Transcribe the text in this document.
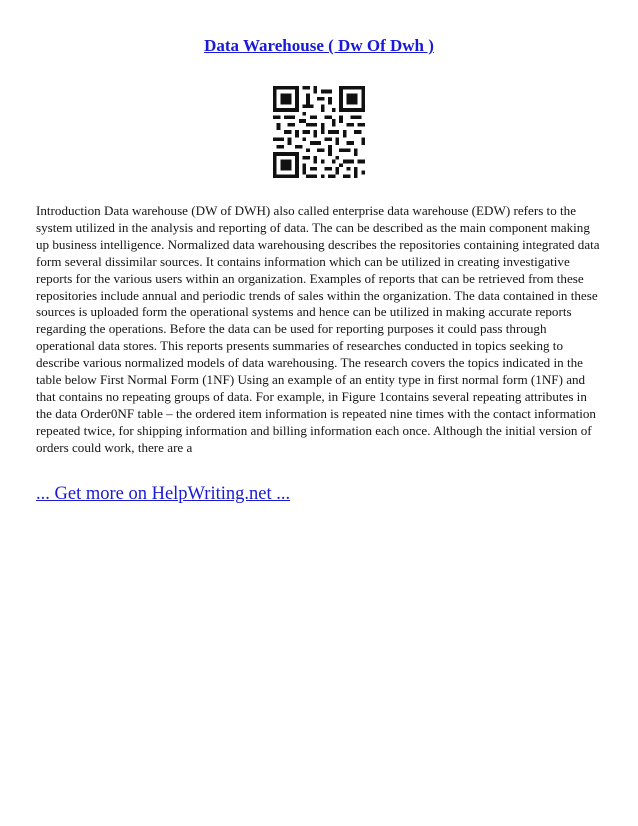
Data Warehouse ( Dw Of Dwh )

Introduction Data warehouse (DW of DWH) also called enterprise data warehouse (EDW) refers to the system utilized in the analysis and reporting of data. The can be described as the main component making up business intelligence. Normalized data warehousing describes the repositories containing integrated data form several dissimilar sources. It contains information which can be utilized in creating investigative reports for the various users within an organization. Examples of reports that can be retrieved from these repositories include annual and periodic trends of sales within the organization. The data contained in these sources is uploaded form the operational systems and hence can be utilized in making accurate reports regarding the operations. Before the data can be used for reporting purposes it could pass through operational data stores. This reports presents summaries of researches conducted in topics seeking to describe various normalized models of data warehousing. The research covers the topics indicated in the table below First Normal Form (1NF) Using an example of an entity type in first normal form (1NF) and that contains no repeating groups of data. For example, in Figure 1contains several repeating attributes in the data Order0NF table – the ordered item information is repeated nine times with the contact information repeated twice, for shipping information and billing information each once. Although the initial version of orders could work, there are a

... Get more on HelpWriting.net ...
